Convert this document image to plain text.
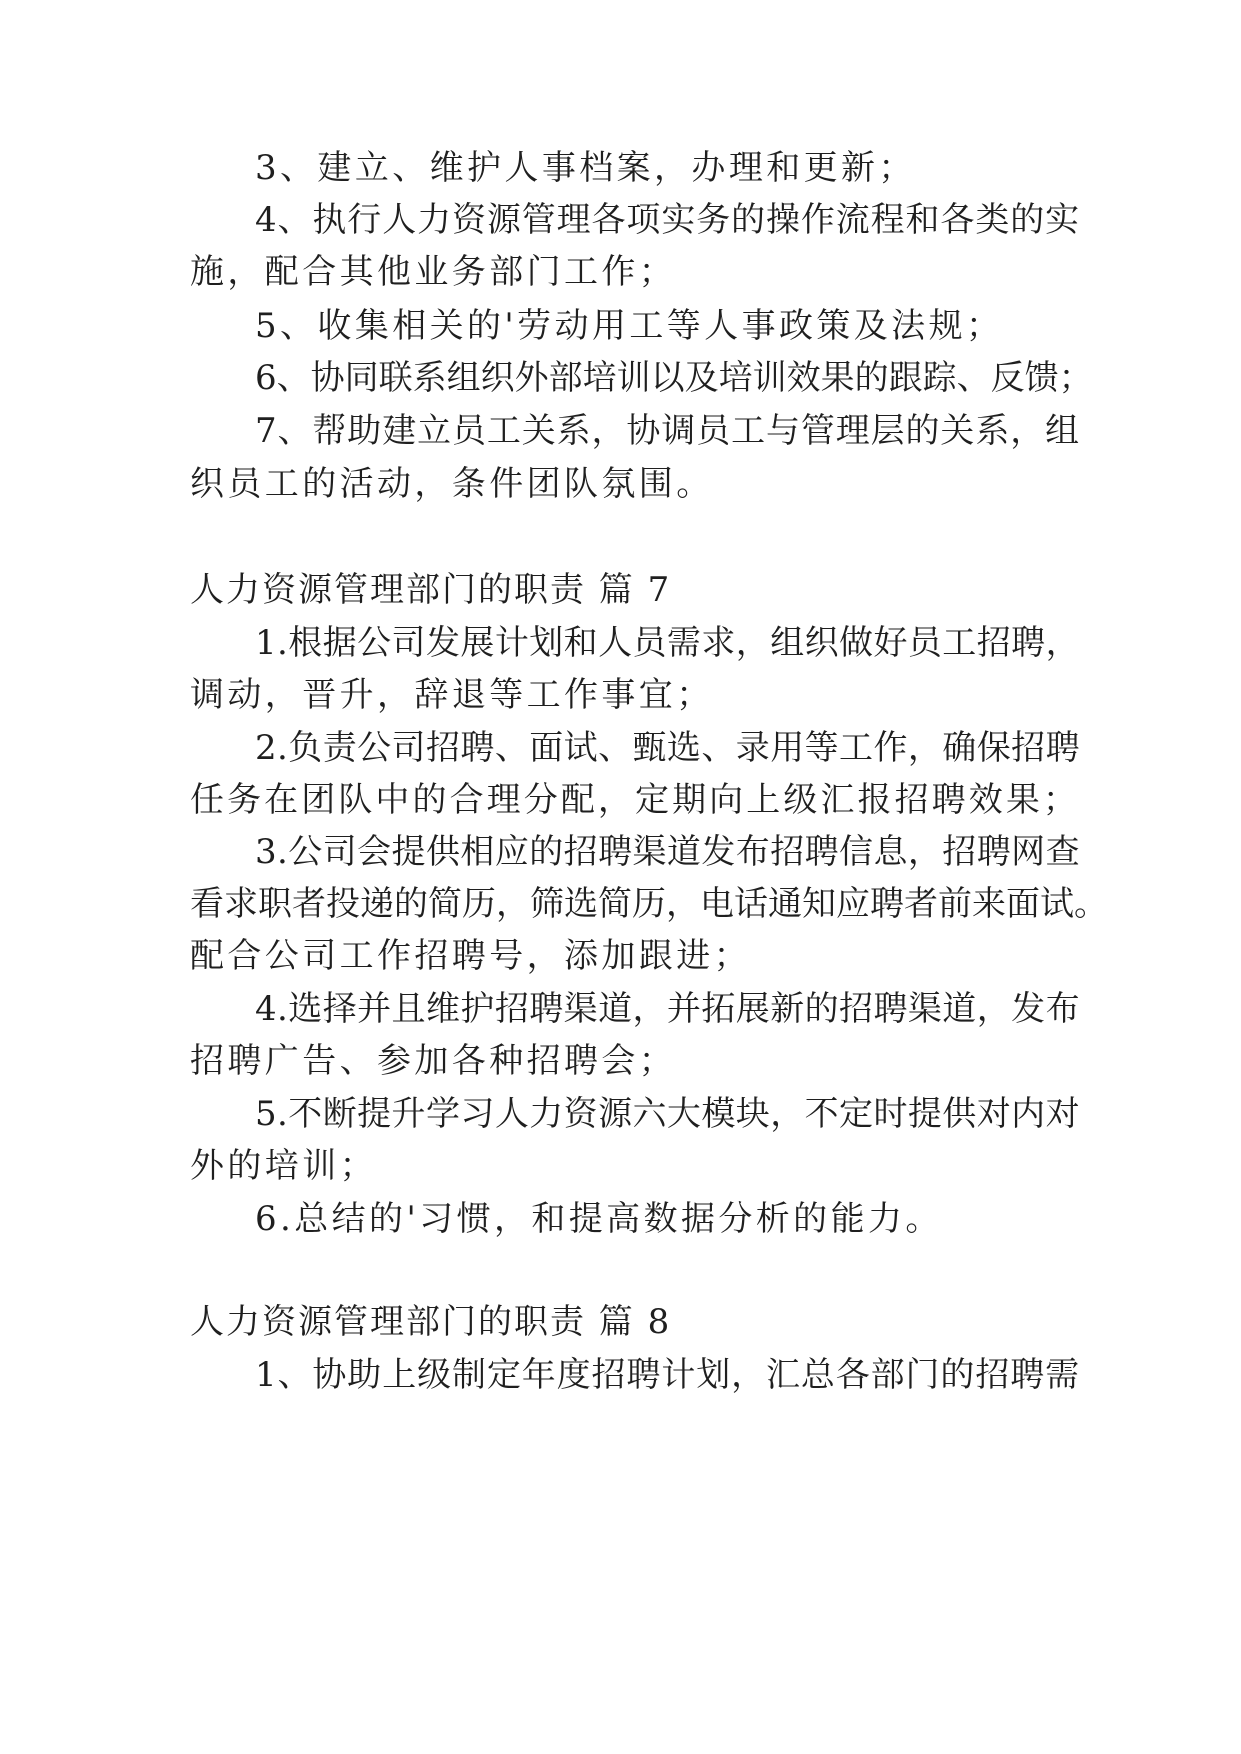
3、建立、维护人事档案，办理和更新；
4、执行人力资源管理各项实务的操作流程和各类的实
施，配合其他业务部门工作；
5、收集相关的'劳动用工等人事政策及法规；
6、协同联系组织外部培训以及培训效果的跟踪、反馈；
7、帮助建立员工关系，协调员工与管理层的关系，组
织员工的活动，条件团队氛围。
人力资源管理部门的职责 篇 7
1.根据公司发展计划和人员需求，组织做好员工招聘，
调动，晋升，辞退等工作事宜；
2.负责公司招聘、面试、甄选、录用等工作，确保招聘
任务在团队中的合理分配，定期向上级汇报招聘效果；
3.公司会提供相应的招聘渠道发布招聘信息，招聘网查
看求职者投递的简历，筛选简历，电话通知应聘者前来面试。
配合公司工作招聘号，添加跟进；
4.选择并且维护招聘渠道，并拓展新的招聘渠道，发布
招聘广告、参加各种招聘会；
5.不断提升学习人力资源六大模块，不定时提供对内对
外的培训；
6.总结的'习惯，和提高数据分析的能力。
人力资源管理部门的职责 篇 8
1、协助上级制定年度招聘计划，汇总各部门的招聘需
